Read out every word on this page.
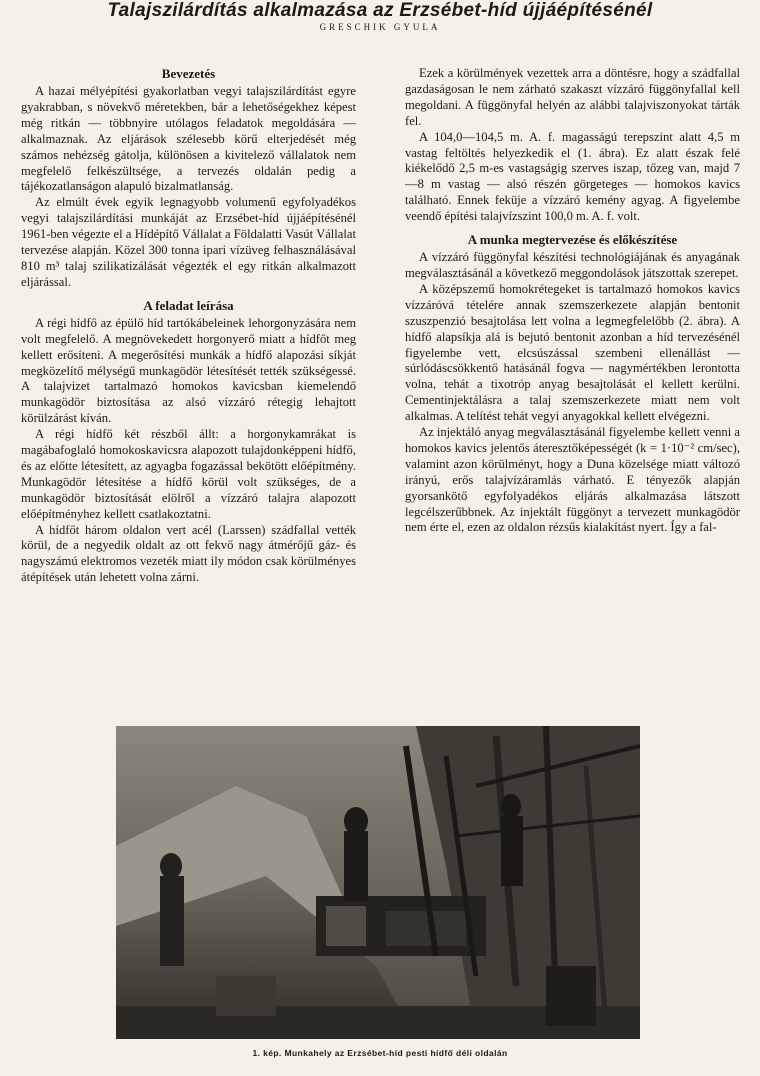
Talajszilárdítás alkalmazása az Erzsébet-híd újjáépítésénél
GRESCHIK GYULA
Bevezetés

A hazai mélyépítési gyakorlatban vegyi talajszilárdítást egyre gyakrabban, s növekvő méretekben, bár a lehetőségekhez képest még ritkán — többnyire utólagos feladatok megoldására — alkalmaznak. Az eljárások szélesebb körű elterjedését még számos nehézség gátolja, különösen a kivitelező vállalatok nem megfelelő felkészültsége, a tervezés oldalán pedig a tájékozatlanságon alapuló bizalmatlanság.

Az elmúlt évek egyik legnagyobb volumenű egyfolyadékos vegyi talajszilárdítási munkáját az Erzsébet-híd újjáépítésénél 1961-ben végezte el a Hídépítő Vállalat a Földalatti Vasút Vállalat tervezése alapján. Közel 300 tonna ipari vízüveg felhasználásával 810 m³ talaj szilikatizálását végezték el egy ritkán alkalmazott eljárással.

A feladat leírása

A régi hídfő az épülő híd tartókábeleinek lehorgonyzására nem volt megfelelő. A megnövekedett horgonyerő miatt a hídfőt meg kellett erősíteni. A megerősítési munkák a hídfő alapozási síkját megközelítő mélységű munkagödör létesítését tették szükségessé. A talajvizet tartalmazó homokos kavicsban kiemelendő munkagödör biztosítása az alsó vízzáró rétegig lehajtott körülzárást kíván.

A régi hídfő két részből állt: a horgonykamrákat is magábafoglaló homokoskavicsra alapozott tulajdonképpeni hídfő, és az előtte létesített, az agyagba fogazással bekötött előépítmény. Munkagödör létesítése a hídfő körül volt szükséges, de a munkagödör biztosítását elölről a vízzáró talajra alapozott előépítményhez kellett csatlakoztatni.

A hídfőt három oldalon vert acél (Larssen) szádfallal vették körül, de a negyedik oldalt az ott fekvő nagy átmérőjű gáz- és nagyszámú elektromos vezeték miatt ily módon csak körülményes átépítések után lehetett volna zárni.

Ezek a körülmények vezettek arra a döntésre, hogy a szádfallal gazdaságosan le nem zárható szakaszt vízzáró függönyfallal kell megoldani. A függönyfal helyén az alábbi talajviszonyokat tárták fel.

A 104,0—104,5 m. A. f. magasságú terepszint alatt 4,5 m vastag feltöltés helyezkedik el (1. ábra). Ez alatt észak felé kiékelődő 2,5 m-es vastagságig szerves iszap, tőzeg van, majd 7—8 m vastag — alsó részén görgeteges — homokos kavics található. Ennek feküje a vízzáró kemény agyag. A figyelembe veendő építési talajvízszint 100,0 m. A. f. volt.

A munka megtervezése és előkészítése

A vízzáró függönyfal készítési technológiájának és anyagának megválasztásánál a következő meggondolások játszottak szerepet.

A középszemű homokrétegeket is tartalmazó homokos kavics vízzáróvá tételére annak szemszerkezete alapján bentonit szuszpenzió besajtolása lett volna a legmegfelelőbb (2. ábra). A hídfő alapsíkja alá is bejutó bentonit azonban a híd tervezésénél figyelembe vett, elcsúszással szembeni ellenállást — súrlódáscsökkentő hatásánál fogva — nagymértékben lerontotta volna, tehát a tixotróp anyag besajtolását el kellett kerülni. Cementinjektálásra a talaj szemszerkezete miatt nem volt alkalmas. A telítést tehát vegyi anyagokkal kellett elvégezni.

Az injektáló anyag megválasztásánál figyelembe kellett venni a homokos kavics jelentős áteresztőképességét (k = 1·10⁻² cm/sec), valamint azon körülményt, hogy a Duna közelsége miatt változó irányú, erős talajvízáramlás várható. E tényezők alapján gyorsankötő egyfolyadékos eljárás alkalmazása látszott legcélszerűbbnek. Az injektált függönyt a tervezett munkagödör nem érte el, ezen az oldalon rézsűs kialakítást nyert. Így a fal-

1. kép. Munkahely az Erzsébet-híd pesti hídfő déli oldalán
